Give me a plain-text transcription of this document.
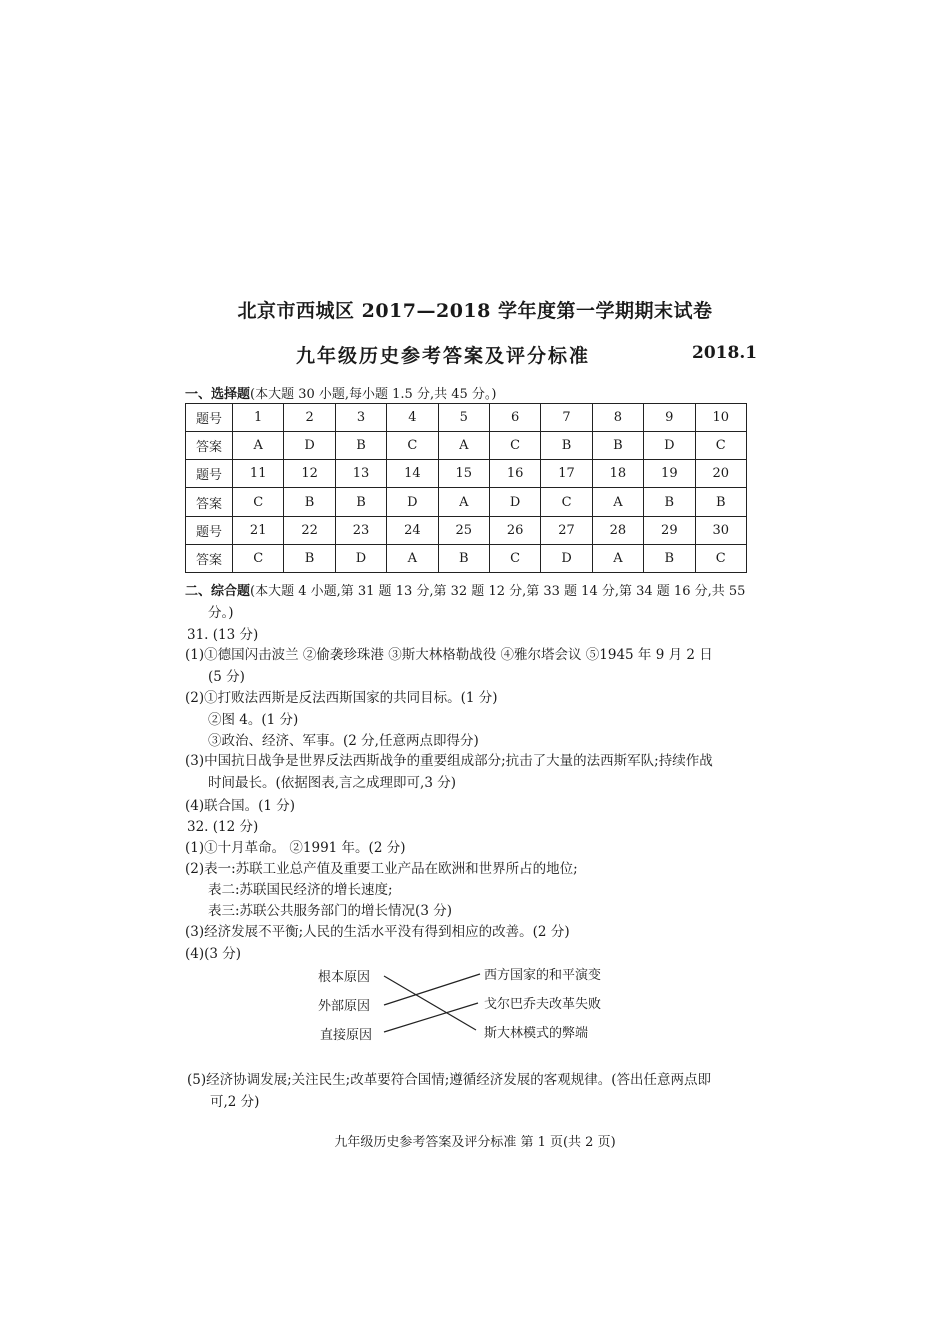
北京市西城区 2017—2018 学年度第一学期期末试卷
九年级历史参考答案及评分标准	2018.1
一、选择题(本大题 30 小题,每小题 1.5 分,共 45 分。)
题号	1	2	3	4	5	6	7	8	9	10
答案	A	D	B	C	A	C	B	B	D	C
题号	11	12	13	14	15	16	17	18	19	20
答案	C	B	B	D	A	D	C	A	B	B
题号	21	22	23	24	25	26	27	28	29	30
答案	C	B	D	A	B	C	D	A	B	C
二、综合题(本大题 4 小题,第 31 题 13 分,第 32 题 12 分,第 33 题 14 分,第 34 题 16 分,共 55
分。)
31. (13 分)
(1)①德国闪击波兰 ②偷袭珍珠港 ③斯大林格勒战役 ④雅尔塔会议 ⑤1945 年 9 月 2 日
(5 分)
(2)①打败法西斯是反法西斯国家的共同目标。(1 分)
②图 4。(1 分)
③政治、经济、军事。(2 分,任意两点即得分)
(3)中国抗日战争是世界反法西斯战争的重要组成部分;抗击了大量的法西斯军队;持续作战
时间最长。(依据图表,言之成理即可,3 分)
(4)联合国。(1 分)
32. (12 分)
(1)①十月革命。 ②1991 年。(2 分)
(2)表一:苏联工业总产值及重要工业产品在欧洲和世界所占的地位;
表二:苏联国民经济的增长速度;
表三:苏联公共服务部门的增长情况(3 分)
(3)经济发展不平衡;人民的生活水平没有得到相应的改善。(2 分)
(4)(3 分)
根本原因
外部原因
直接原因
西方国家的和平演变
戈尔巴乔夫改革失败
斯大林模式的弊端
(5)经济协调发展;关注民生;改革要符合国情;遵循经济发展的客观规律。(答出任意两点即
可,2 分)
九年级历史参考答案及评分标准 第 1 页(共 2 页)
